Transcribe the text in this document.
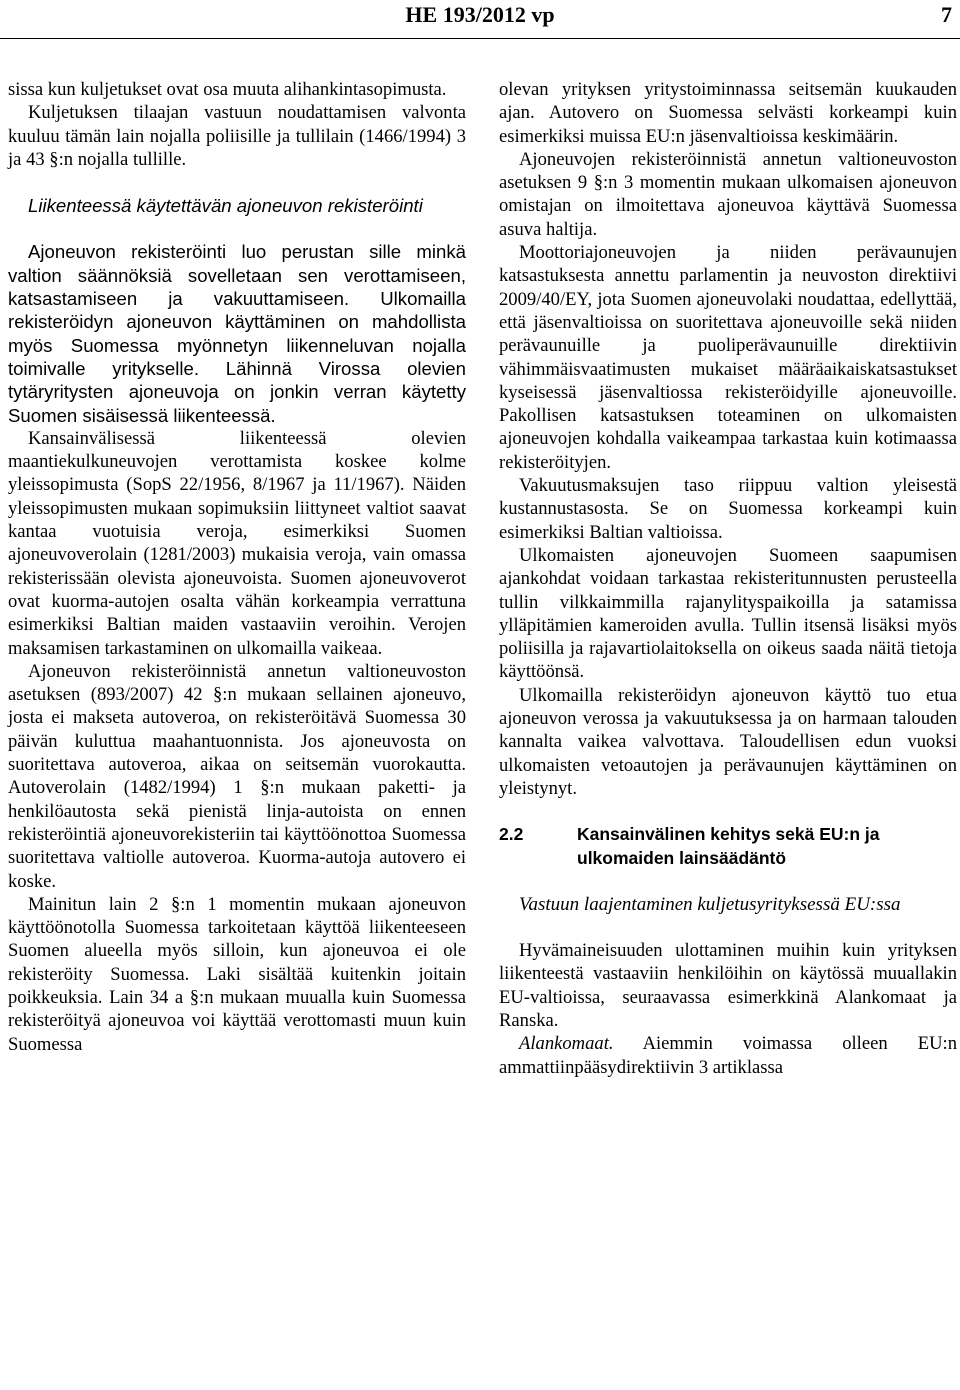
HE 193/2012 vp	7

sissa kun kuljetukset ovat osa muuta alihankintasopimusta.

Kuljetuksen tilaajan vastuun noudattamisen valvonta kuuluu tämän lain nojalla poliisille ja tullilain (1466/1994) 3 ja 43 §:n nojalla tullille.

Liikenteessä käytettävän ajoneuvon rekisteröinti

Ajoneuvon rekisteröinti luo perustan sille minkä valtion säännöksiä sovelletaan sen verottamiseen, katsastamiseen ja vakuuttamiseen. Ulkomailla rekisteröidyn ajoneuvon käyttäminen on mahdollista myös Suomessa myönnetyn liikenneluvan nojalla toimivalle yritykselle. Lähinnä Virossa olevien tytäryritysten ajoneuvoja on jonkin verran käytetty Suomen sisäisessä liikenteessä.

Kansainvälisessä liikenteessä olevien maantiekulkuneuvojen verottamista koskee kolme yleissopimusta (SopS 22/1956, 8/1967 ja 11/1967). Näiden yleissopimusten mukaan sopimuksiin liittyneet valtiot saavat kantaa vuotuisia veroja, esimerkiksi Suomen ajoneuvoverolain (1281/2003) mukaisia veroja, vain omassa rekisterissään olevista ajoneuvoista. Suomen ajoneuvoverot ovat kuorma-autojen osalta vähän korkeampia verrattuna esimerkiksi Baltian maiden vastaaviin veroihin. Verojen maksamisen tarkastaminen on ulkomailla vaikeaa.

Ajoneuvon rekisteröinnistä annetun valtioneuvoston asetuksen (893/2007) 42 §:n mukaan sellainen ajoneuvo, josta ei makseta autoveroa, on rekisteröitävä Suomessa 30 päivän kuluttua maahantuonnista. Jos ajoneuvosta on suoritettava autoveroa, aikaa on seitsemän vuorokautta. Autoverolain (1482/1994) 1 §:n mukaan paketti- ja henkilöautosta sekä pienistä linja-autoista on ennen rekisteröintiä ajoneuvorekisteriin tai käyttöönottoa Suomessa suoritettava valtiolle autoveroa. Kuorma-autoja autovero ei koske.

Mainitun lain 2 §:n 1 momentin mukaan ajoneuvon käyttöönotolla Suomessa tarkoitetaan käyttöä liikenteeseen Suomen alueella myös silloin, kun ajoneuvoa ei ole rekisteröity Suomessa. Laki sisältää kuitenkin joitain poikkeuksia. Lain 34 a §:n mukaan muualla kuin Suomessa rekisteröityä ajoneuvoa voi käyttää verottomasti muun kuin Suomessa

olevan yrityksen yritystoiminnassa seitsemän kuukauden ajan. Autovero on Suomessa selvästi korkeampi kuin esimerkiksi muissa EU:n jäsenvaltioissa keskimäärin.

Ajoneuvojen rekisteröinnistä annetun valtioneuvoston asetuksen 9 §:n 3 momentin mukaan ulkomaisen ajoneuvon omistajan on ilmoitettava ajoneuvoa käyttävä Suomessa asuva haltija.

Moottoriajoneuvojen ja niiden perävaunujen katsastuksesta annettu parlamentin ja neuvoston direktiivi 2009/40/EY, jota Suomen ajoneuvolaki noudattaa, edellyttää, että jäsenvaltioissa on suoritettava ajoneuvoille sekä niiden perävaunuille ja puoliperävaunuille direktiivin vähimmäisvaatimusten mukaiset määräaikaiskatsastukset kyseisessä jäsenvaltiossa rekisteröidyille ajoneuvoille. Pakollisen katsastuksen toteaminen on ulkomaisten ajoneuvojen kohdalla vaikeampaa tarkastaa kuin kotimaassa rekisteröityjen.

Vakuutusmaksujen taso riippuu valtion yleisestä kustannustasosta. Se on Suomessa korkeampi kuin esimerkiksi Baltian valtioissa.

Ulkomaisten ajoneuvojen Suomeen saapumisen ajankohdat voidaan tarkastaa rekisteritunnusten perusteella tullin vilkkaimmilla rajanylityspaikoilla ja satamissa ylläpitämien kameroiden avulla. Tullin itsensä lisäksi myös poliisilla ja rajavartiolaitoksella on oikeus saada näitä tietoja käyttöönsä.

Ulkomailla rekisteröidyn ajoneuvon käyttö tuo etua ajoneuvon verossa ja vakuutuksessa ja on harmaan talouden kannalta vaikea valvottava. Taloudellisen edun vuoksi ulkomaisten vetoautojen ja perävaunujen käyttäminen on yleistynyt.

2.2	Kansainvälinen kehitys sekä EU:n ja ulkomaiden lainsäädäntö

Vastuun laajentaminen kuljetusyrityksessä EU:ssa

Hyvämaineisuuden ulottaminen muihin kuin yrityksen liikenteestä vastaaviin henkilöihin on käytössä muuallakin EU-valtioissa, seuraavassa esimerkkinä Alankomaat ja Ranska.

Alankomaat. Aiemmin voimassa olleen EU:n ammattiinpääsydirektiivin 3 artiklassa
